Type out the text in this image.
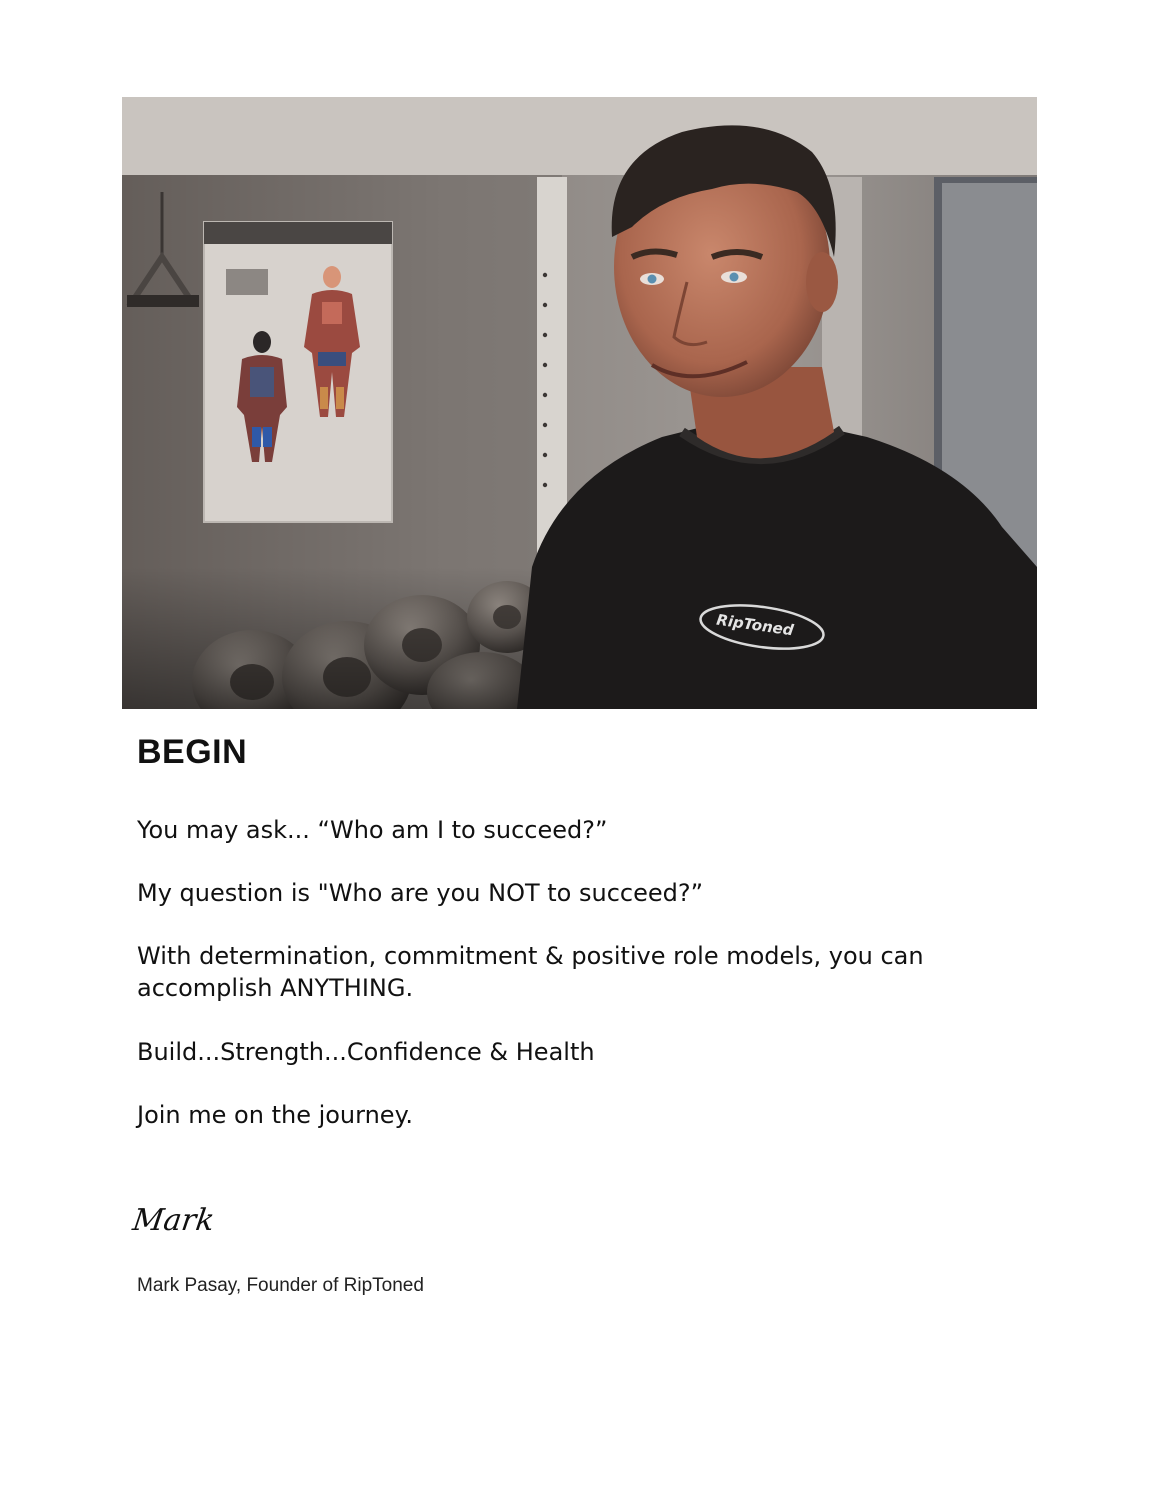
RipToned
BEGIN

You may ask... “Who am I to succeed?”

My question is "Who are you NOT to succeed?”

With determination, commitment & positive role models, you can accomplish ANYTHING.

Build...Strength...Confidence & Health

Join me on the journey.

Mark

Mark Pasay, Founder of RipToned
